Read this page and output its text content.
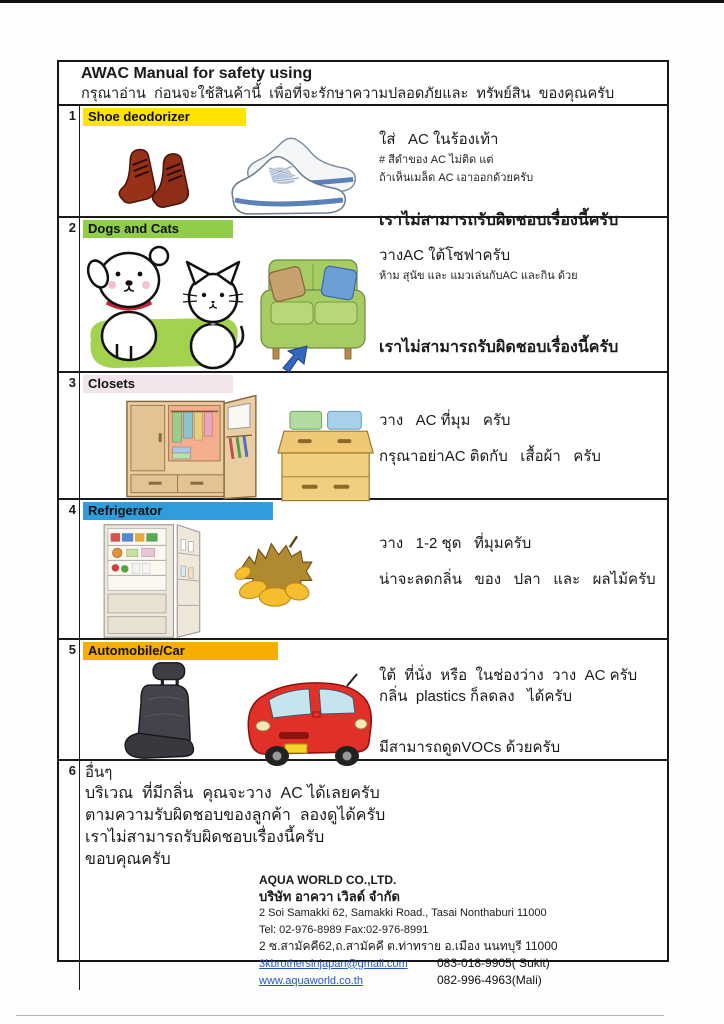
AWAC Manual for safety using
กรุณาอ่าน  ก่อนจะใช้สินค้านี้  เพื่อที่จะรักษาความปลอดภัยและ  ทรัพย์สิน  ของคุณครับ
1 Shoe deodorizer
ใส่   AC ในร้องเท้า
# สีดำของ AC ไม่ติด แต่
ถ้าเห็นเมล็ด AC เอาออกด้วยครับ
เราไม่สามารถรับผิดชอบเรื่องนี้ครับ
2 Dogs and Cats
วางAC ใต้โซฟาครับ
ห้าม สุนัข และ แมวเล่นกับAC และกิน ด้วย
เราไม่สามารถรับผิดชอบเรื่องนี้ครับ
3 Closets
วาง   AC ที่มุม   ครับ
กรุณาอย่าAC ติดกับ   เสื้อผ้า   ครับ
4 Refrigerator
วาง   1-2 ชุด   ที่มุมครับ
น่าจะลดกลิ่น   ของ   ปลา   และ   ผลไม้ครับ
5 Automobile/Car
ใต้  ที่นั่ง  หรือ  ในช่องว่าง  วาง  AC ครับ
กลิ่น  plastics ก็ลดลง   ได้ครับ
มีสามารถดูดVOCs ด้วยครับ
6 อื่นๆ
บริเวณ  ที่มีกลิ่น  คุณจะวาง  AC ได้เลยครับ
ตามความรับผิดชอบของลูกค้า  ลองดูได้ครับ
เราไม่สามารถรับผิดชอบเรื่องนี้ครับ
ขอบคุณครับ
AQUA WORLD CO.,LTD.
บริษัท อาควา เวิลด์ จำกัด
2 Soi Samakki 62, Samakki Road., Tasai Nonthaburi 11000
Tel: 02-976-8989 Fax:02-976-8991
2 ซ.สามัคคี62,ถ.สามัคคี ต.ท่าทราย อ.เมือง นนทบุรี 11000
3kbrothersinjapan@gmail.com	083-018-9905( Sukit)
www.aquaworld.co.th	082-996-4963(Mali)
